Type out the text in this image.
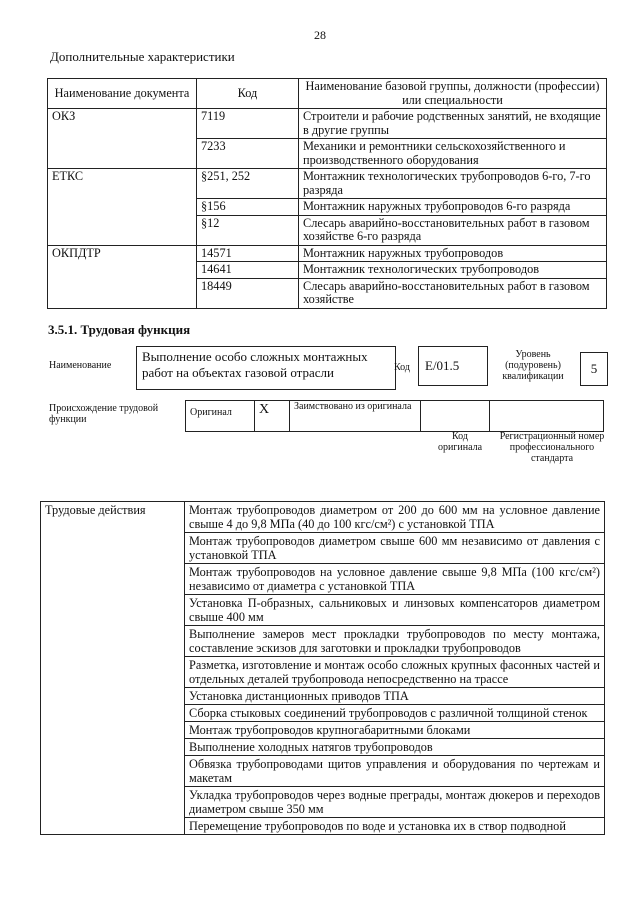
28
Дополнительные характеристики
Наименование документа	Код	Наименование базовой группы, должности (профессии) или специальности
ОКЗ	7119	Строители и рабочие родственных занятий, не входящие в другие группы
	7233	Механики и ремонтники сельскохозяйственного и производственного оборудования
ЕТКС	§251, 252	Монтажник технологических трубопроводов 6-го, 7-го разряда
	§156	Монтажник наружных трубопроводов 6-го разряда
	§12	Слесарь аварийно-восстановительных работ в газовом хозяйстве 6-го разряда
ОКПДТР	14571	Монтажник наружных трубопроводов
	14641	Монтажник технологических трубопроводов
	18449	Слесарь аварийно-восстановительных работ в газовом хозяйстве
3.5.1. Трудовая функция
Наименование
Выполнение особо сложных монтажных работ на объектах газовой отрасли	Код	E/01.5
Уровень (подуровень) квалификации
5
Происхождение трудовой функции
Оригинал	X	Заимствовано из оригинала		
Код оригинала
Регистрационный номер профессионального стандарта
Трудовые действия	Монтаж трубопроводов диаметром от 200 до 600 мм на условное давление свыше 4 до 9,8 МПа (40 до 100 кгс/см²) с установкой ТПА
Монтаж трубопроводов диаметром свыше 600 мм независимо от давления с установкой ТПА
Монтаж трубопроводов на условное давление свыше 9,8 МПа (100 кгс/см²) независимо от диаметра с установкой ТПА
Установка П-образных, сальниковых и линзовых компенсаторов диаметром свыше 400 мм
Выполнение замеров мест прокладки трубопроводов по месту монтажа, составление эскизов для заготовки и прокладки трубопроводов
Разметка, изготовление и монтаж особо сложных крупных фасонных частей и отдельных деталей трубопровода непосредственно на трассе
Установка дистанционных приводов ТПА
Сборка стыковых соединений трубопроводов с различной толщиной стенок
Монтаж трубопроводов крупногабаритными блоками
Выполнение холодных натягов трубопроводов
Обвязка трубопроводами щитов управления и оборудования по чертежам и макетам
Укладка трубопроводов через водные преграды, монтаж дюкеров и переходов диаметром свыше 350 мм
Перемещение трубопроводов по воде и установка их в створ подводной
